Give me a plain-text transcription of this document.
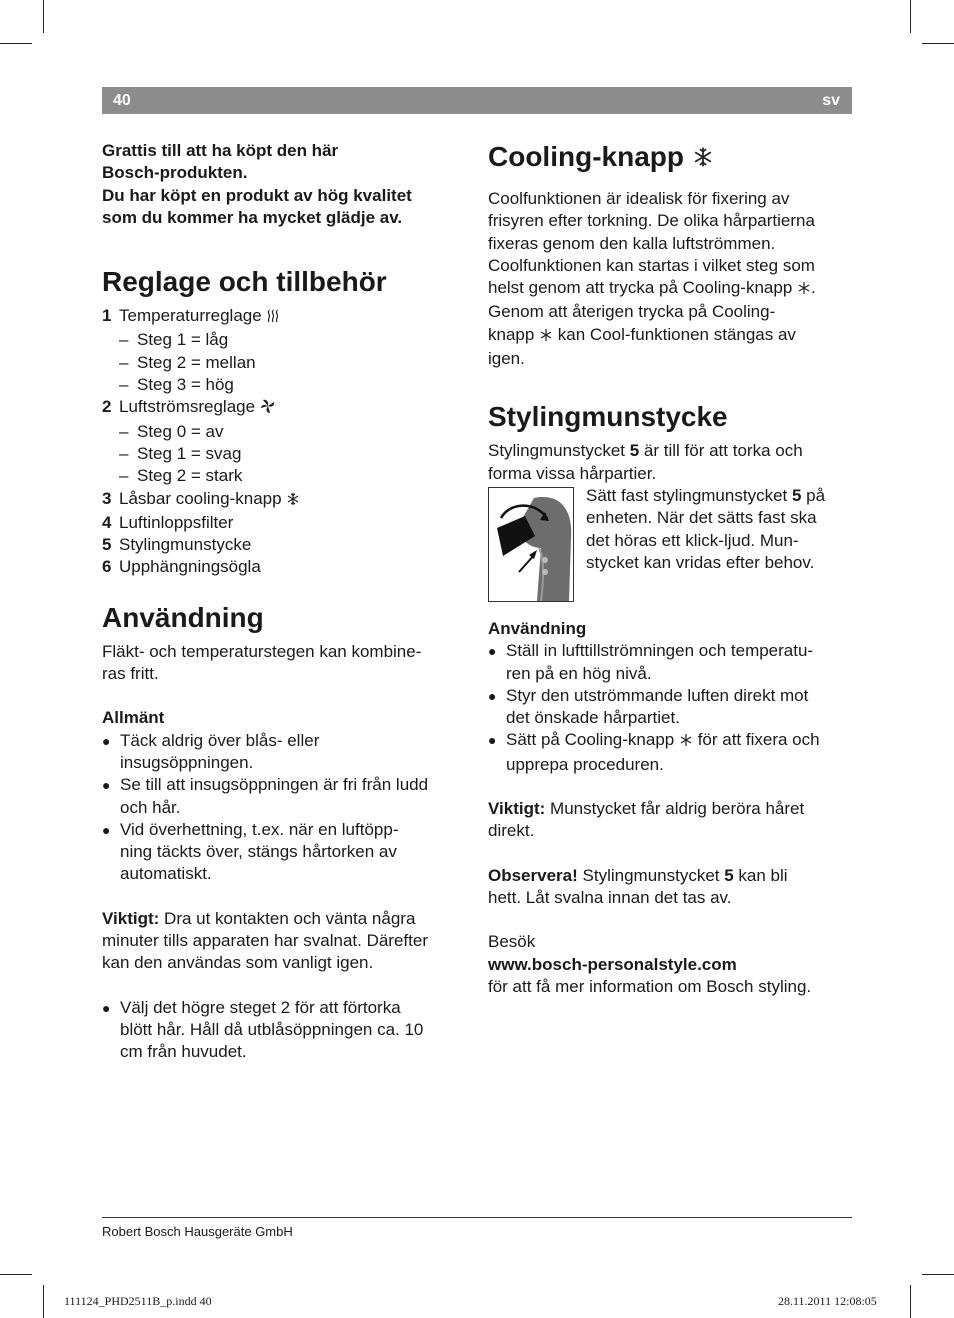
40	sv
Grattis till att ha köpt den här
Bosch-produkten.
Du har köpt en produkt av hög kvalitet
som du kommer ha mycket glädje av.
Reglage och tillbehör
1 Temperaturreglage
– Steg 1 = låg
– Steg 2 = mellan
– Steg 3 = hög
2 Luftströmsreglage
– Steg 0 = av
– Steg 1 = svag
– Steg 2 = stark
3 Låsbar cooling-knapp
4 Luftinloppsfilter
5 Stylingmunstycke
6 Upphängningsögla
Användning
Fläkt- och temperaturstegen kan kombine-
ras fritt.
Allmänt
● Täck aldrig över blås- eller
insugsöppningen.
● Se till att insugsöppningen är fri från ludd
och hår.
● Vid överhettning, t.ex. när en luftöpp-
ning täckts över, stängs hårtorken av
automatiskt.
Viktigt: Dra ut kontakten och vänta några
minuter tills apparaten har svalnat. Därefter
kan den användas som vanligt igen.
● Välj det högre steget 2 för att förtorka
blött hår. Håll då utblåsöppningen ca. 10
cm från huvudet.
Cooling-knapp
Coolfunktionen är idealisk för fixering av
frisyren efter torkning. De olika hårpartierna
fixeras genom den kalla luftströmmen.
Coolfunktionen kan startas i vilket steg som
helst genom att trycka på Cooling-knapp .
Genom att återigen trycka på Cooling-
knapp  kan Cool-funktionen stängas av
igen.
Stylingmunstycke
Stylingmunstycket 5 är till för att torka och
forma vissa hårpartier.
Sätt fast stylingmunstycket 5 på
enheten. När det sätts fast ska
det höras ett klick-ljud. Mun-
stycket kan vridas efter behov.
Användning
● Ställ in lufttillströmningen och temperatu-
ren på en hög nivå.
● Styr den utströmmande luften direkt mot
det önskade hårpartiet.
● Sätt på Cooling-knapp  för att fixera och
upprepa proceduren.
Viktigt: Munstycket får aldrig beröra håret
direkt.
Observera! Stylingmunstycket 5 kan bli
hett. Låt svalna innan det tas av.
Besök
www.bosch-personalstyle.com
för att få mer information om Bosch styling.
Robert Bosch Hausgeräte GmbH
111124_PHD2511B_p.indd 40	28.11.2011 12:08:05
